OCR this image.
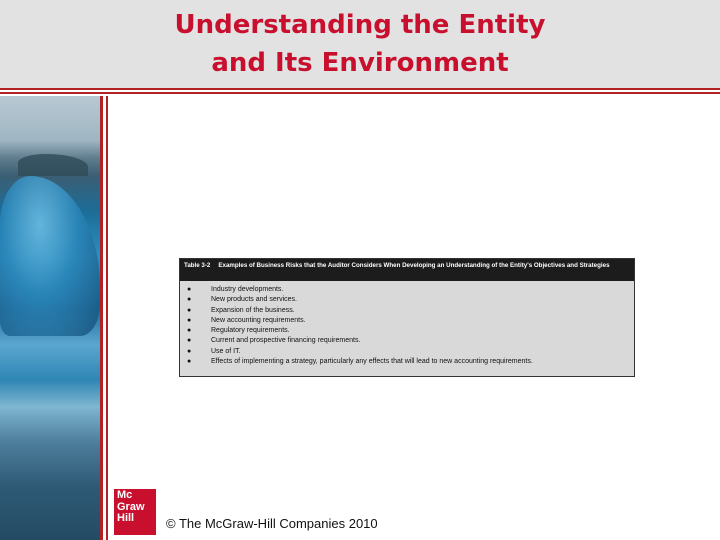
Understanding the Entity
and Its Environment
Table 3-2 Examples of Business Risks that the Auditor Considers When Developing an Understanding of the Entity's Objectives and Strategies
●	Industry developments.
●	New products and services.
●	Expansion of the business.
●	New accounting requirements.
●	Regulatory requirements.
●	Current and prospective financing requirements.
●	Use of IT.
●	Effects of implementing a strategy, particularly any effects that will lead to new accounting requirements.
Mc
Graw
Hill	© The McGraw-Hill Companies 2010
